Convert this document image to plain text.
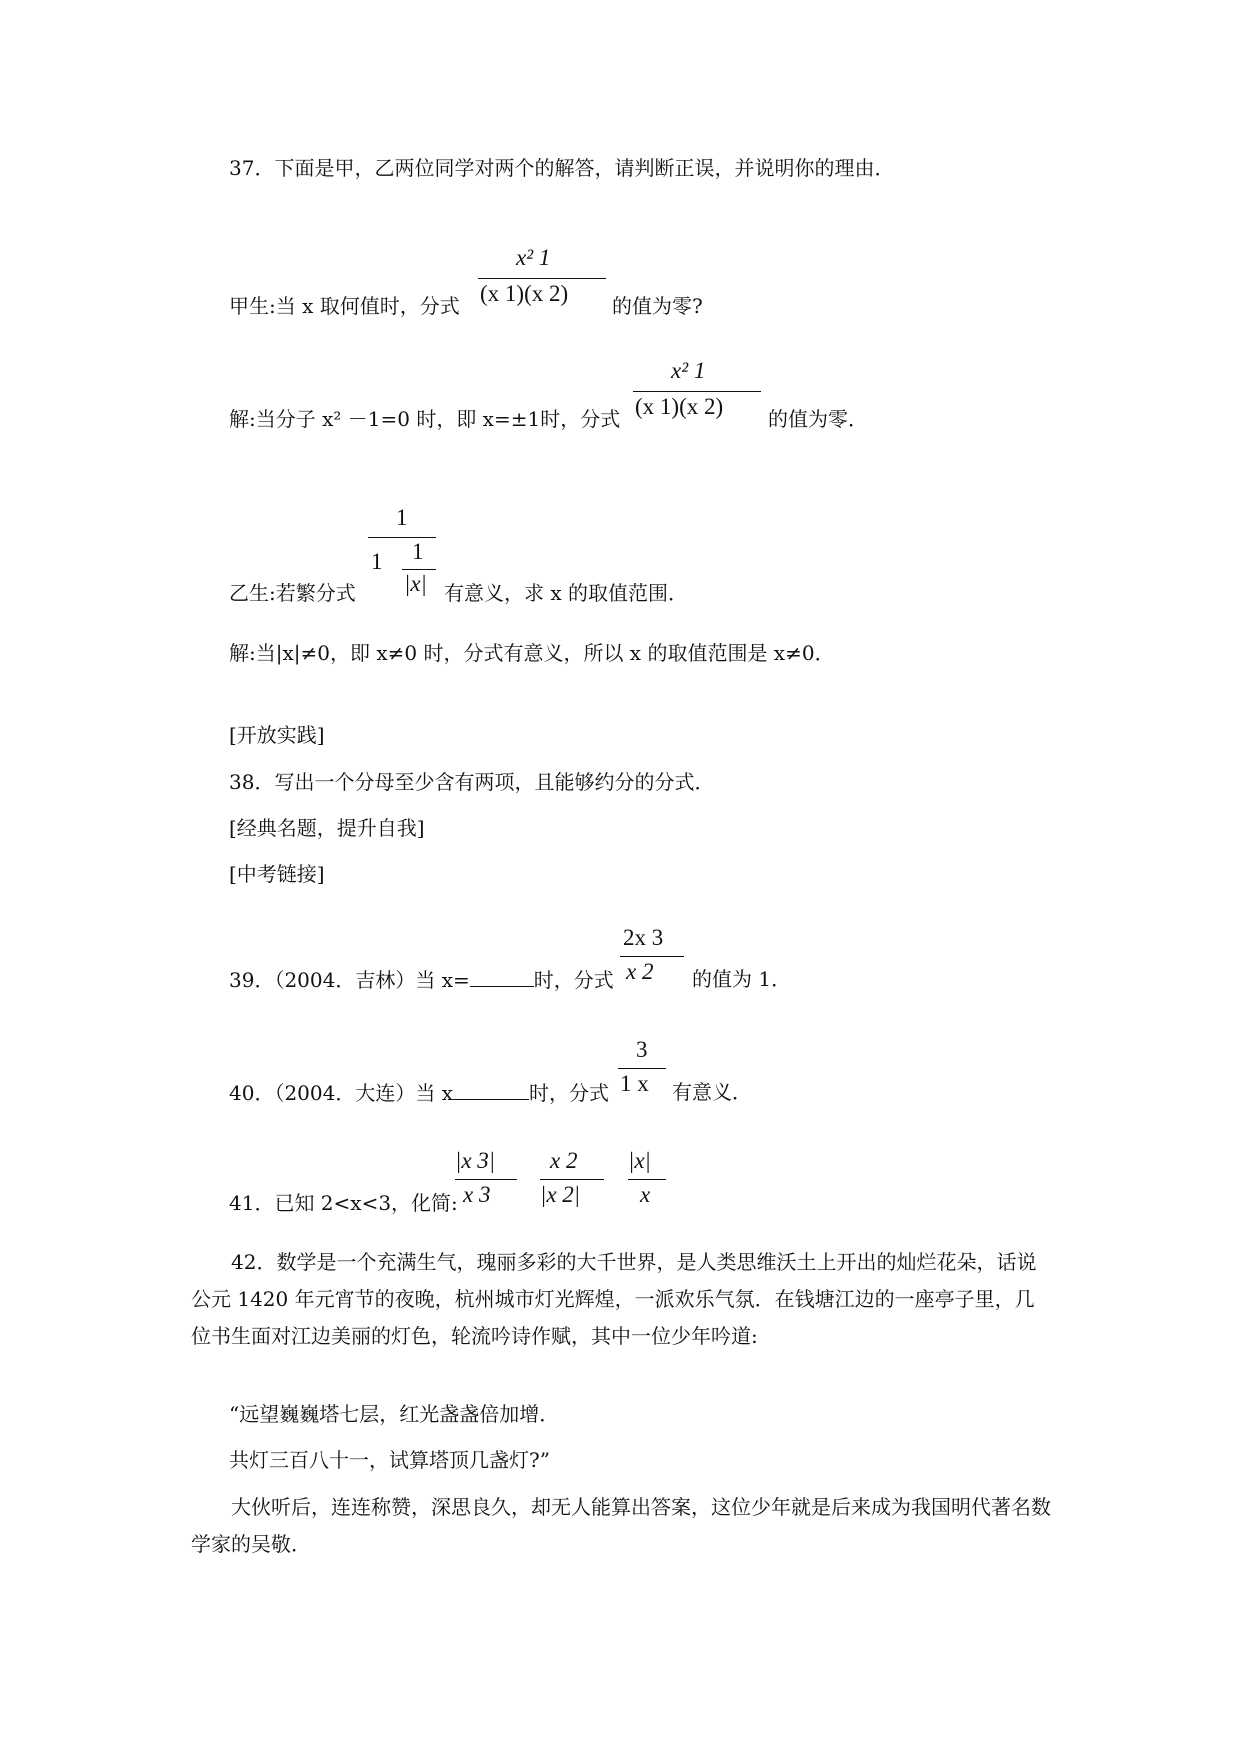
37．下面是甲，乙两位同学对两个的解答，请判断正误，并说明你的理由．
甲生:当 x 取何值时，分式
x² 1
(x 1)(x 2) 的值为零?
解:当分子 x² －1=0 时，即 x=±1时，分式
x² 1
(x 1)(x 2) 的值为零．
乙生:若繁分式
1
1 1
|x| 有意义，求 x 的取值范围．
解:当|x|≠0，即 x≠0 时，分式有意义，所以 x 的取值范围是 x≠0．
[开放实践]
38．写出一个分母至少含有两项，且能够约分的分式．
[经典名题，提升自我]
[中考链接]
39．（2004．吉林）当 x=	时，分式
2x 3
x 2 的值为 1．
40．（2004．大连）当 x	时，分式
3
1 x 有意义．
41．已知 2<x<3，化简:
|x 3|
x 3
x 2
|x 2|
|x|
x
42．数学是一个充满生气，瑰丽多彩的大千世界，是人类思维沃土上开出的灿烂花朵，话说公元 1420 年元宵节的夜晚，杭州城市灯光辉煌，一派欢乐气氛．在钱塘江边的一座亭子里，几位书生面对江边美丽的灯色，轮流吟诗作赋，其中一位少年吟道:
“远望巍巍塔七层，红光盏盏倍加增．
共灯三百八十一，试算塔顶几盏灯?”
大伙听后，连连称赞，深思良久，却无人能算出答案，这位少年就是后来成为我国明代著名数学家的吴敬．
